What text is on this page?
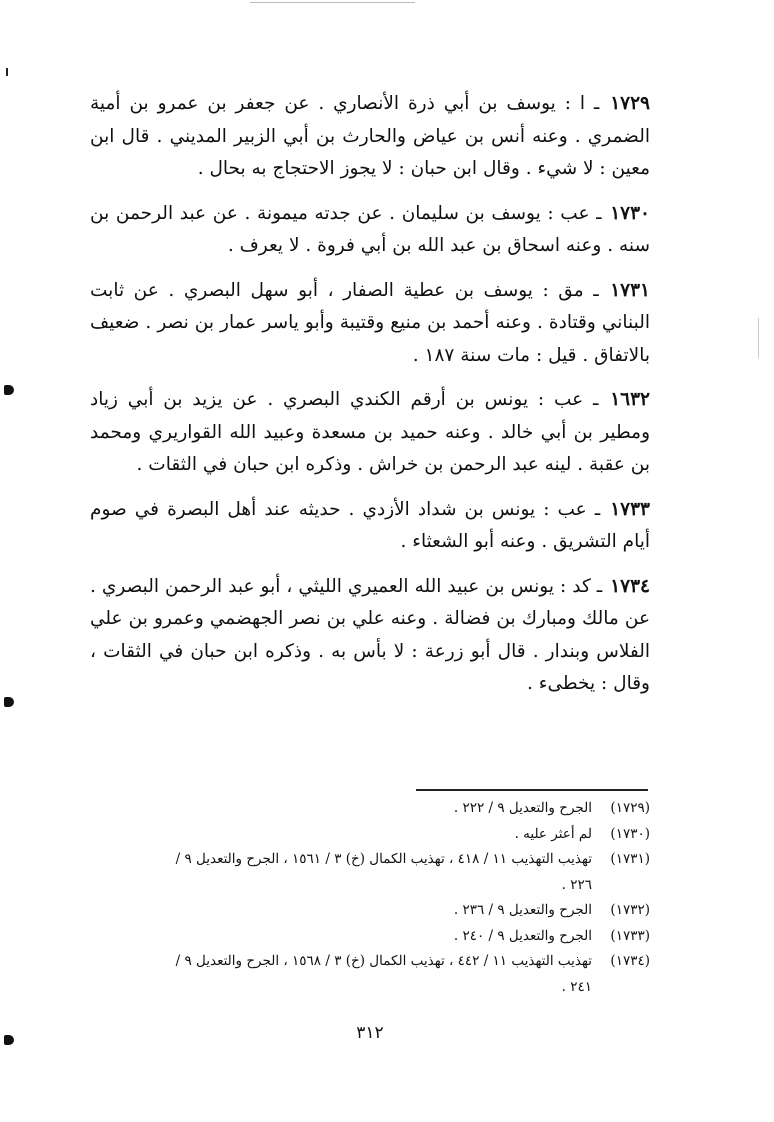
١٧٢٩ ـ ا : يوسف بن أبي ذرة الأنصاري . عن جعفر بن عمرو بن أمية الضمري . وعنه أنس بن عياض والحارث بن أبي الزبير المديني . قال ابن معين : لا شيء . وقال ابن حبان : لا يجوز الاحتجاج به بحال .

١٧٣٠ ـ عب : يوسف بن سليمان . عن جدته ميمونة . عن عبد الرحمن بن سنه . وعنه اسحاق بن عبد الله بن أبي فروة . لا يعرف .

١٧٣١ ـ مق : يوسف بن عطية الصفار ، أبو سهل البصري . عن ثابت البناني وقتادة . وعنه أحمد بن منيع وقتيبة وأبو ياسر عمار بن نصر . ضعيف بالاتفاق . قيل : مات سنة ١٨٧ .

١٦٣٢ ـ عب : يونس بن أرقم الكندي البصري . عن يزيد بن أبي زياد ومطير بن أبي خالد . وعنه حميد بن مسعدة وعبيد الله القواريري ومحمد بن عقبة . لينه عبد الرحمن بن خراش . وذكره ابن حبان في الثقات .

١٧٣٣ ـ عب : يونس بن شداد الأزدي . حديثه عند أهل البصرة في صوم أيام التشريق . وعنه أبو الشعثاء .

١٧٣٤ ـ كد : يونس بن عبيد الله العميري الليثي ، أبو عبد الرحمن البصري . عن مالك ومبارك بن فضالة . وعنه علي بن نصر الجهضمي وعمرو بن علي الفلاس وبندار . قال أبو زرعة : لا بأس به . وذكره ابن حبان في الثقات ، وقال : يخطىء .

(١٧٢٩)الجرح والتعديل ٩ / ٢٢٢ .

(١٧٣٠)لم أعثر عليه .

(١٧٣١)تهذيب التهذيب ١١ / ٤١٨ ، تهذيب الكمال (خ) ٣ / ١٥٦١ ، الجرح والتعديل ٩ /

٢٢٦ .

(١٧٣٢)الجرح والتعديل ٩ / ٢٣٦ .

(١٧٣٣)الجرح والتعديل ٩ / ٢٤٠ .

(١٧٣٤)تهذيب التهذيب ١١ / ٤٤٢ ، تهذيب الكمال (خ) ٣ / ١٥٦٨ ، الجرح والتعديل ٩ /

٢٤١ .

٣١٢
